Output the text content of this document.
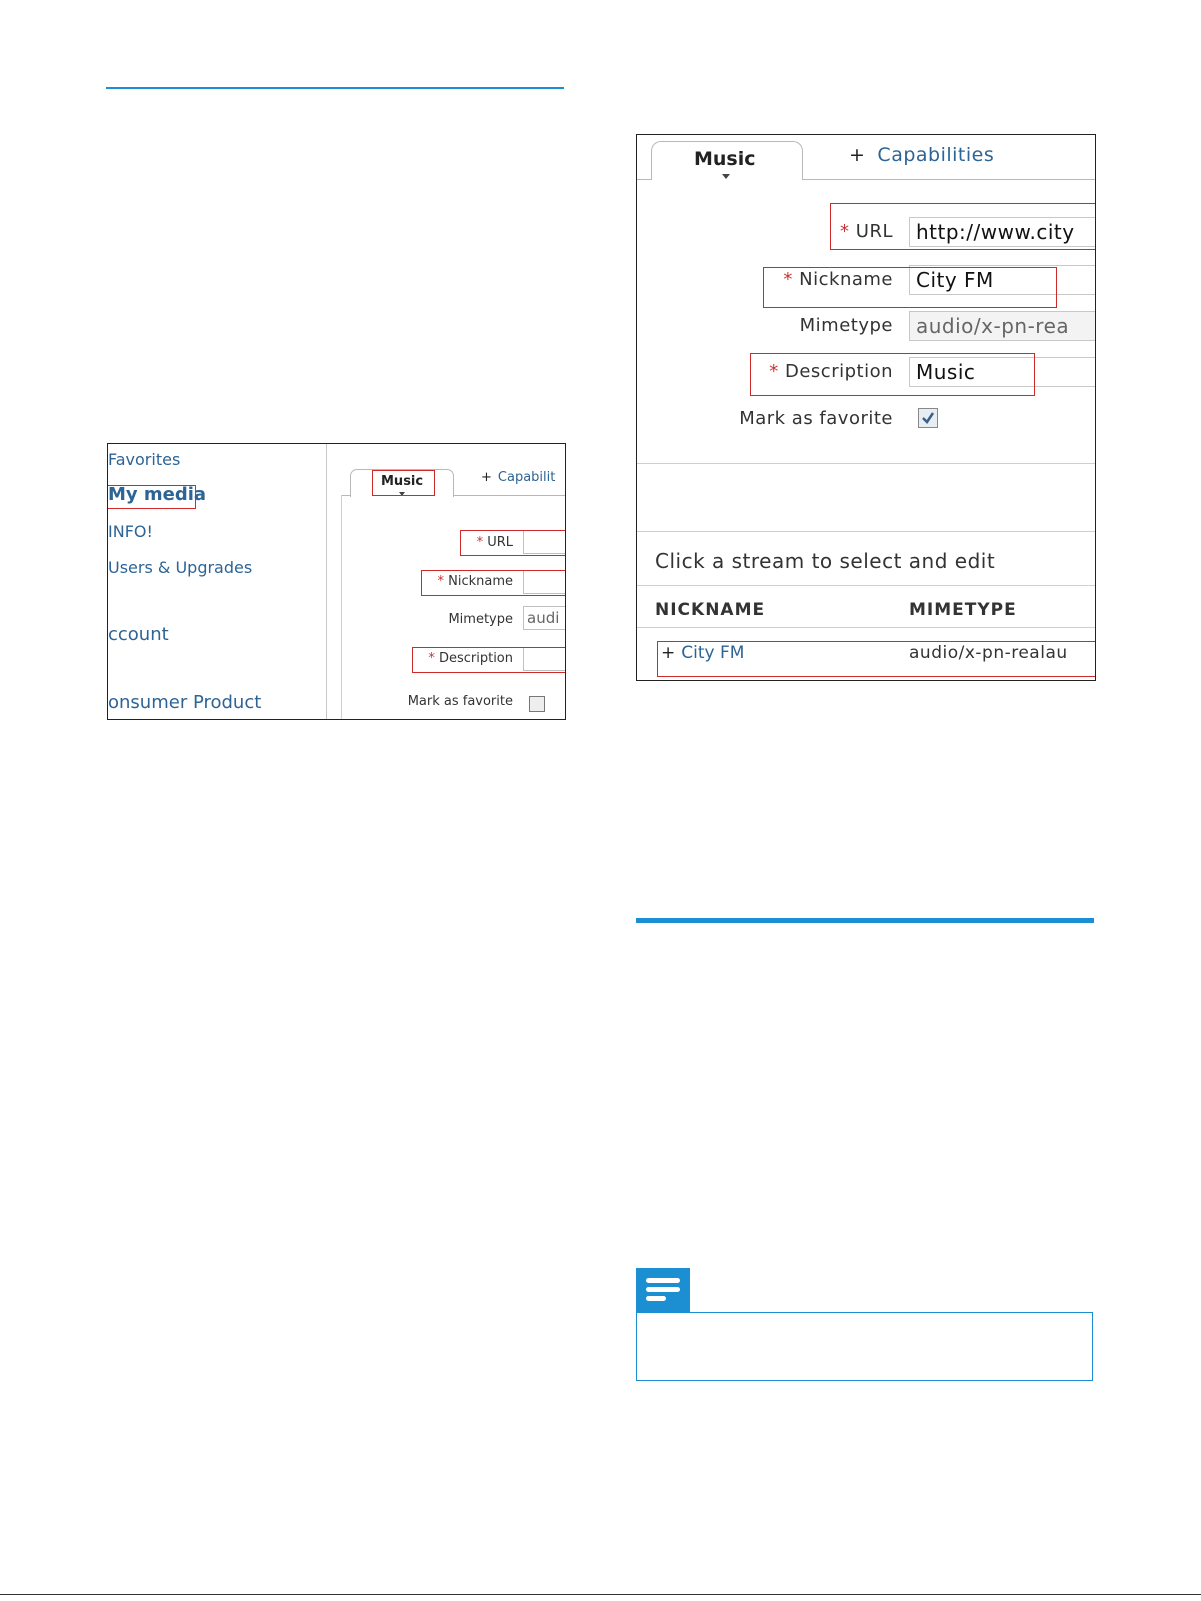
Favorites
My media
INFO!
Users & Upgrades
ccount
onsumer Product
Music	+ Capabilit
* URL
* Nickname
Mimetype audi
* Description
Mark as favorite
Music	+ Capabilities
* URL	http://www.city
* Nickname	City FM
Mimetype	audio/x-pn-rea
* Description	Music
Mark as favorite
Click a stream to select and edit
NICKNAME	MIMETYPE
+ City FM	audio/x-pn-realau
